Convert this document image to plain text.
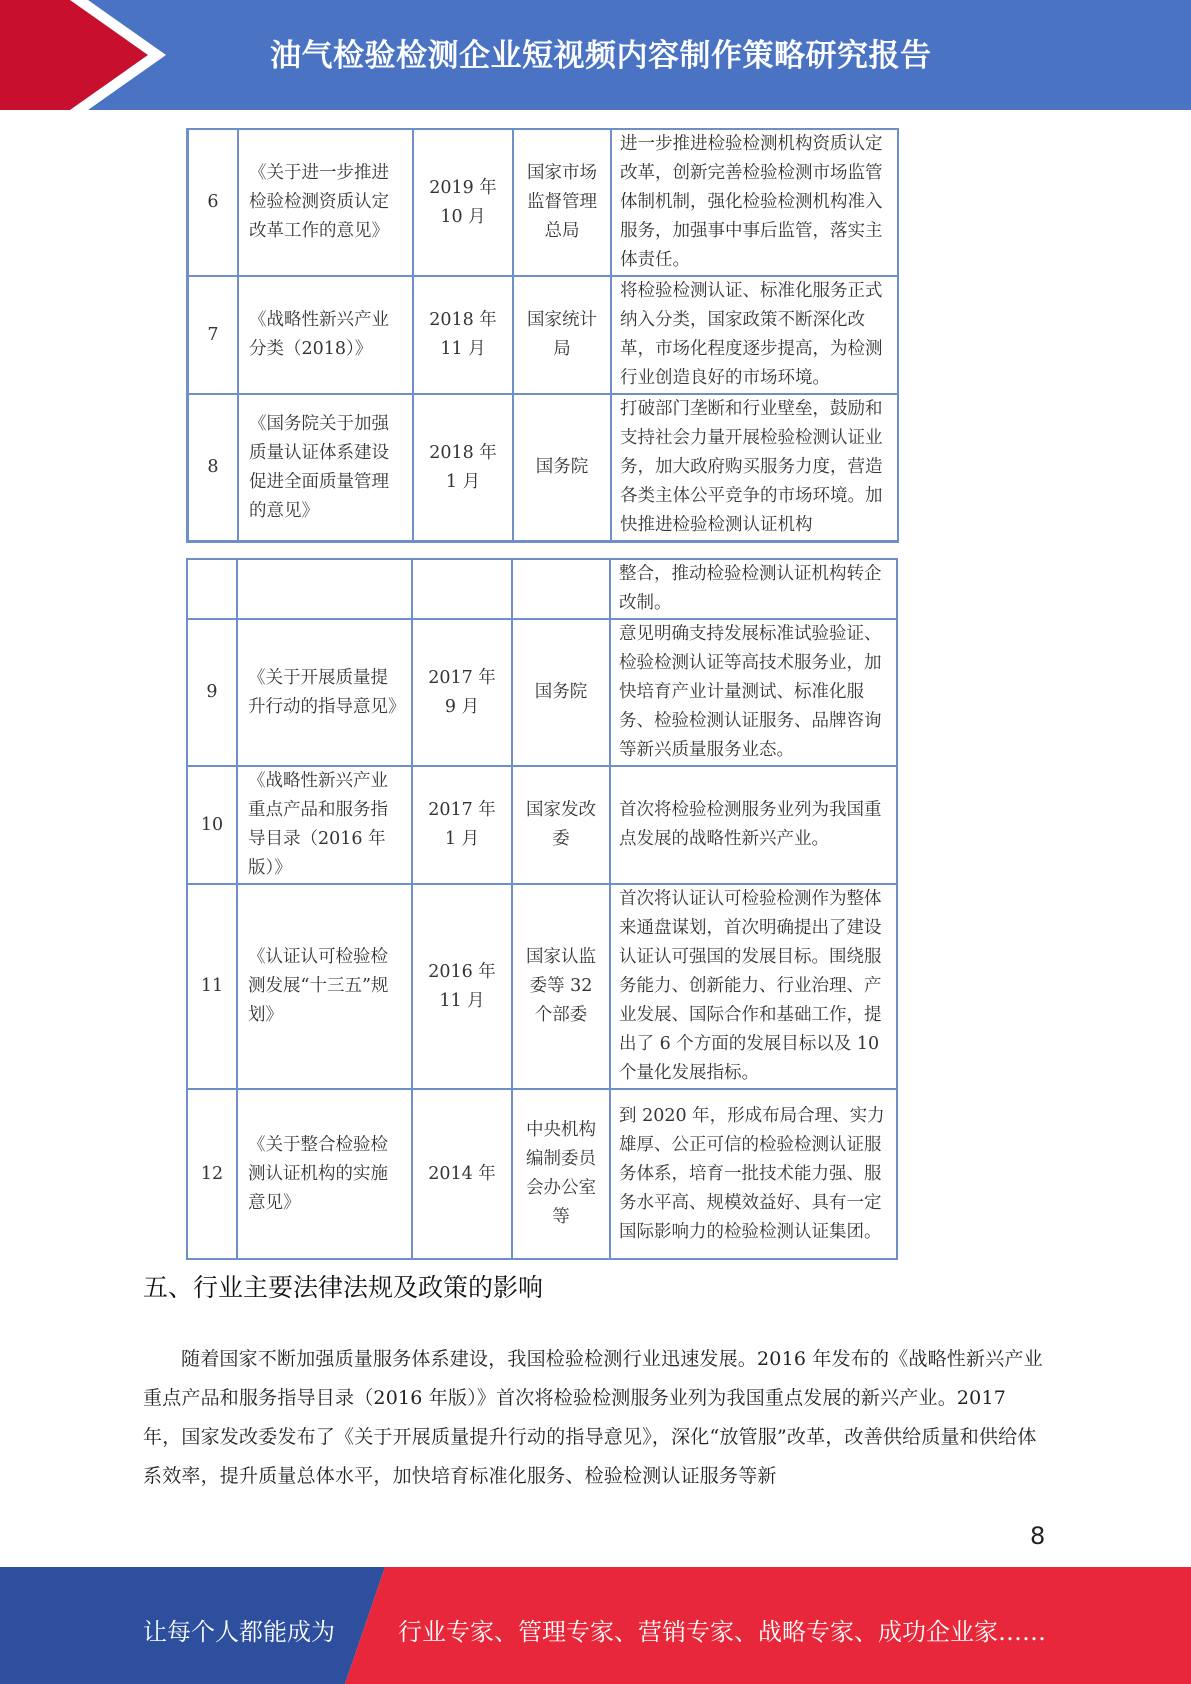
油气检验检测企业短视频内容制作策略研究报告
6	《关于进一步推进检验检测资质认定改革工作的意见》	2019 年 10 月	国家市场监督管理总局	进一步推进检验检测机构资质认定改革，创新完善检验检测市场监管体制机制，强化检验检测机构准入服务，加强事中事后监管，落实主体责任。
7	《战略性新兴产业分类（2018）》	2018 年 11 月	国家统计局	将检验检测认证、标准化服务正式纳入分类，国家政策不断深化改革，市场化程度逐步提高，为检测行业创造良好的市场环境。
8	《国务院关于加强质量认证体系建设促进全面质量管理的意见》	2018 年 1 月	国务院	打破部门垄断和行业壁垒，鼓励和支持社会力量开展检验检测认证业务，加大政府购买服务力度，营造各类主体公平竞争的市场环境。加快推进检验检测认证机构
				整合，推动检验检测认证机构转企改制。
9	《关于开展质量提升行动的指导意见》	2017 年 9 月	国务院	意见明确支持发展标准试验验证、检验检测认证等高技术服务业，加快培育产业计量测试、标准化服务、检验检测认证服务、品牌咨询等新兴质量服务业态。
10	《战略性新兴产业重点产品和服务指导目录（2016 年版）》	2017 年 1 月	国家发改委	首次将检验检测服务业列为我国重点发展的战略性新兴产业。
11	《认证认可检验检测发展“十三五”规划》	2016 年 11 月	国家认监委等 32 个部委	首次将认证认可检验检测作为整体来通盘谋划，首次明确提出了建设认证认可强国的发展目标。围绕服务能力、创新能力、行业治理、产业发展、国际合作和基础工作，提出了 6 个方面的发展目标以及 10 个量化发展指标。
12	《关于整合检验检测认证机构的实施意见》	2014 年	中央机构编制委员会办公室等	到 2020 年，形成布局合理、实力雄厚、公正可信的检验检测认证服务体系，培育一批技术能力强、服务水平高、规模效益好、具有一定国际影响力的检验检测认证集团。
五、行业主要法律法规及政策的影响

随着国家不断加强质量服务体系建设，我国检验检测行业迅速发展。2016 年发布的《战略性新兴产业重点产品和服务指导目录（2016 年版）》首次将检验检测服务业列为我国重点发展的新兴产业。2017 年，国家发改委发布了《关于开展质量提升行动的指导意见》，深化“放管服”改革，改善供给质量和供给体系效率，提升质量总体水平，加快培育标准化服务、检验检测认证服务等新

8
让每个人都能成为	行业专家、管理专家、营销专家、战略专家、成功企业家……
